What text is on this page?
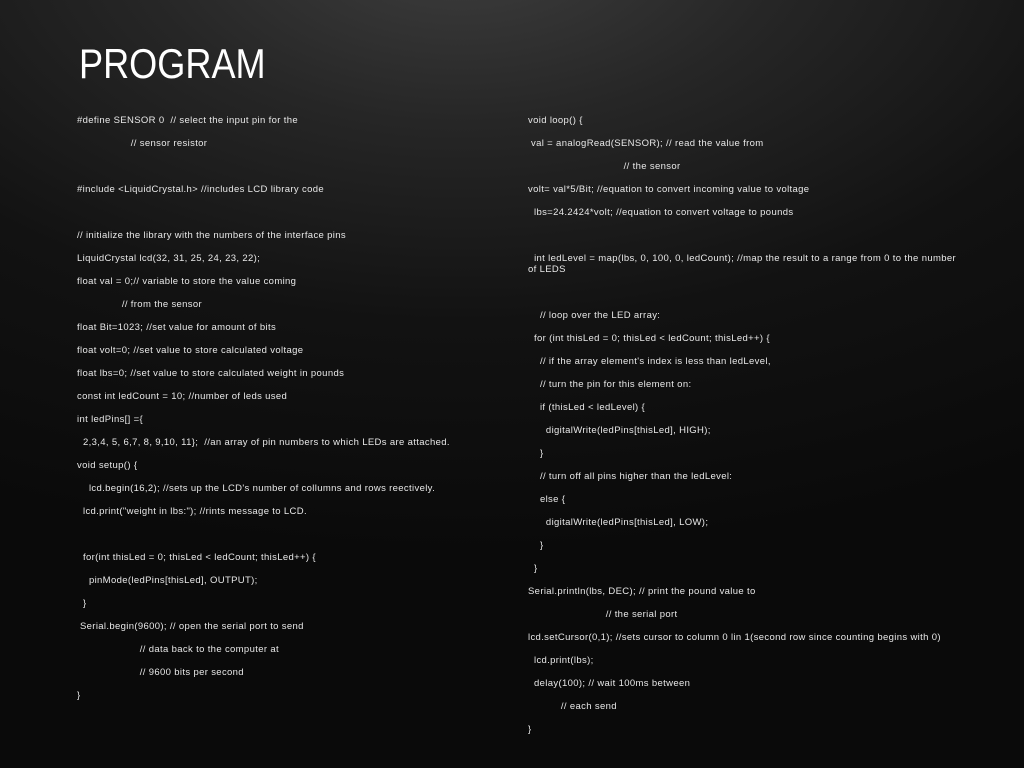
PROGRAM
#define SENSOR 0  // select the input pin for the
// sensor resistor
#include <LiquidCrystal.h> //includes LCD library code
// initialize the library with the numbers of the interface pins
LiquidCrystal lcd(32, 31, 25, 24, 23, 22);
float val = 0;// variable to store the value coming
// from the sensor
float Bit=1023; //set value for amount of bits
float volt=0; //set value to store calculated voltage
float lbs=0; //set value to store calculated weight in pounds
const int ledCount = 10; //number of leds used
int ledPins[] ={
2,3,4, 5, 6,7, 8, 9,10, 11};  //an array of pin numbers to which LEDs are attached.
void setup() {
lcd.begin(16,2); //sets up the LCD's number of collumns and rows reectively.
lcd.print("weight in lbs:"); //rints message to LCD.
for(int thisLed = 0; thisLed < ledCount; thisLed++) {
pinMode(ledPins[thisLed], OUTPUT);
}
Serial.begin(9600); // open the serial port to send
// data back to the computer at
// 9600 bits per second
}
void loop() {
val = analogRead(SENSOR); // read the value from
// the sensor
volt= val*5/Bit; //equation to convert incoming value to voltage
lbs=24.2424*volt; //equation to convert voltage to pounds
int ledLevel = map(lbs, 0, 100, 0, ledCount); //map the result to a range from 0 to the number of LEDS
// loop over the LED array:
for (int thisLed = 0; thisLed < ledCount; thisLed++) {
// if the array element's index is less than ledLevel,
// turn the pin for this element on:
if (thisLed < ledLevel) {
digitalWrite(ledPins[thisLed], HIGH);
}
// turn off all pins higher than the ledLevel:
else {
digitalWrite(ledPins[thisLed], LOW);
}
}
Serial.println(lbs, DEC); // print the pound value to
// the serial port
lcd.setCursor(0,1); //sets cursor to column 0 lin 1(second row since counting begins with 0)
lcd.print(lbs);
delay(100); // wait 100ms between
// each send
}
